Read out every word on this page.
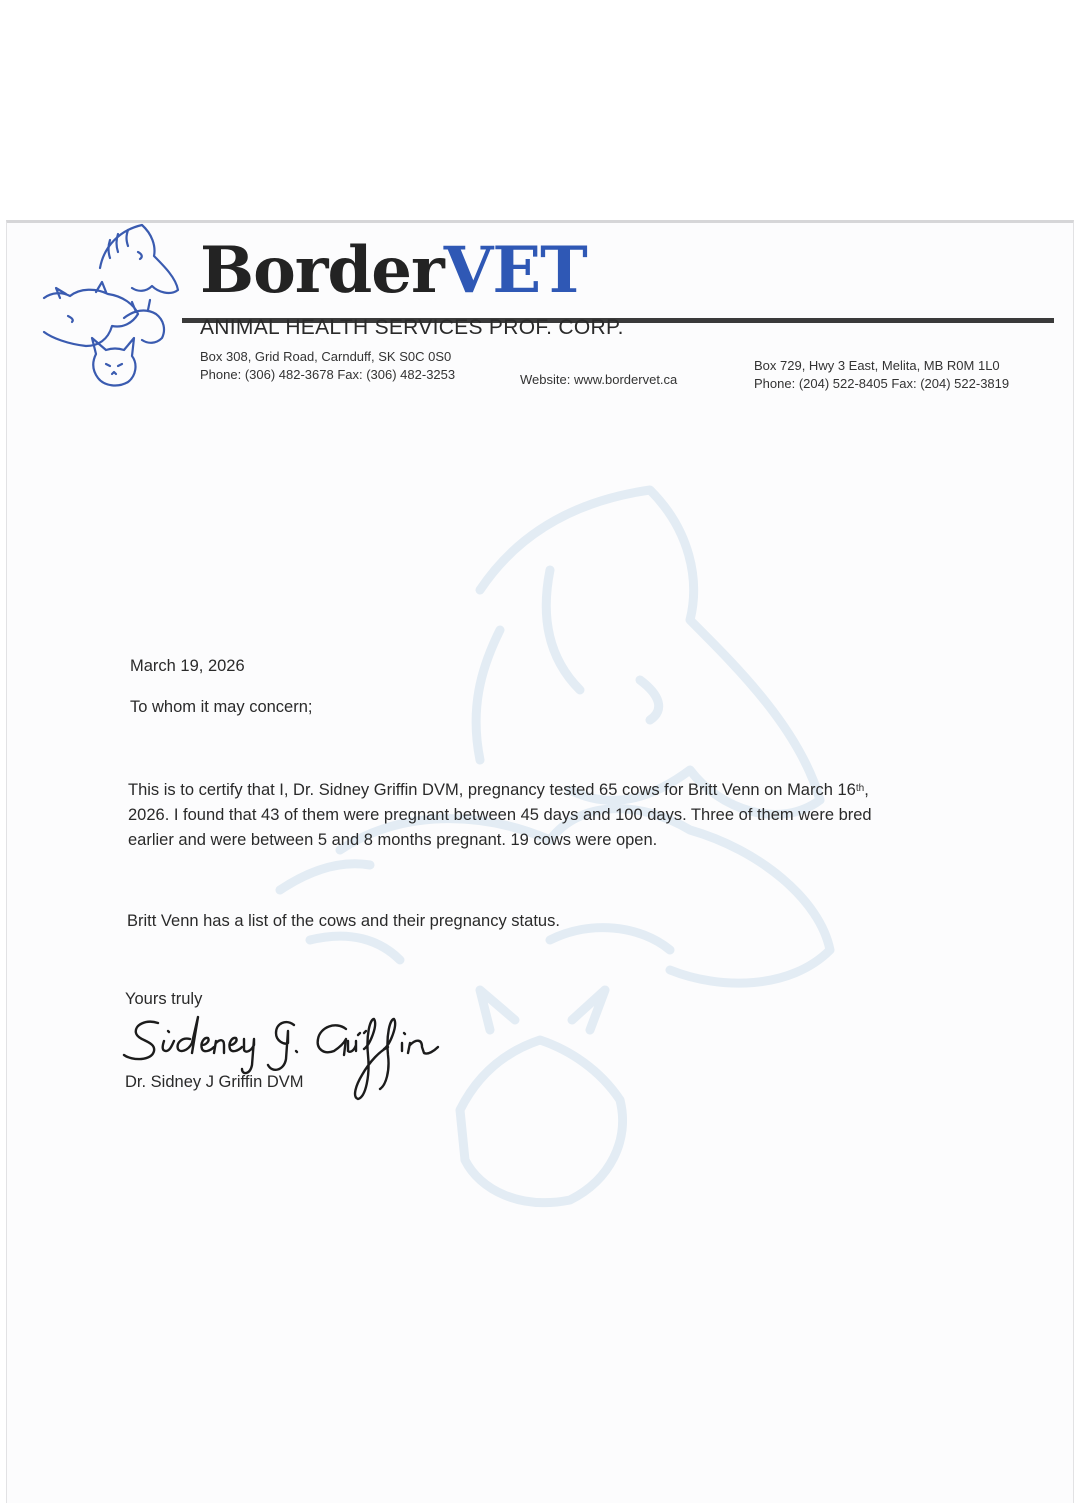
BorderVET
ANIMAL HEALTH SERVICES PROF. CORP.
Box 308, Grid Road, Carnduff, SK S0C 0S0
Phone: (306) 482-3678 Fax: (306) 482-3253	Website: www.bordervet.ca
Box 729, Hwy 3 East, Melita, MB R0M 1L0
Phone: (204) 522-8405 Fax: (204) 522-3819
March 19, 2026
To whom it may concern;
This is to certify that I, Dr. Sidney Griffin DVM, pregnancy tested 65 cows for Britt Venn on March 16th,
2026. I found that 43 of them were pregnant between 45 days and 100 days. Three of them were bred
earlier and were between 5 and 8 months pregnant. 19 cows were open.
Britt Venn has a list of the cows and their pregnancy status.
Yours truly
Dr. Sidney J Griffin DVM
